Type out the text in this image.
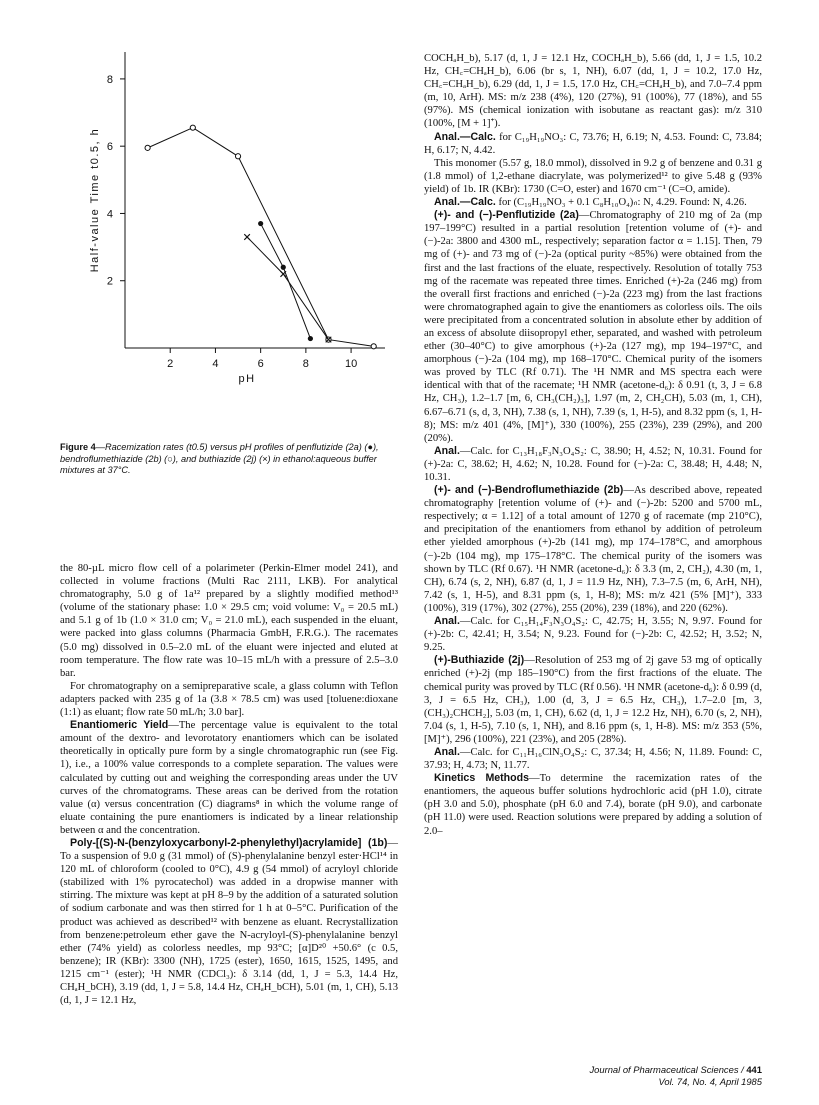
2
4
6
8
2	4	6	8	10
pH
Half-value Time t0.5, h
Figure 4—Racemization rates (t0.5) versus pH profiles of penflutizide (2a) (●), bendroflumethiazide (2b) (○), and buthiazide (2j) (×) in ethanol:aqueous buffer mixtures at 37°C.

the 80-µL micro flow cell of a polarimeter (Perkin-Elmer model 241), and collected in volume fractions (Multi Rac 2111, LKB). For analytical chromatography, 5.0 g of 1a¹² prepared by a slightly modified method¹³ (volume of the stationary phase: 1.0 × 29.5 cm; void volume: V₀ = 20.5 mL) and 5.1 g of 1b (1.0 × 31.0 cm; V₀ = 21.0 mL), each suspended in the eluant, were packed into glass columns (Pharmacia GmbH, F.R.G.). The racemates (5.0 mg) dissolved in 0.5–2.0 mL of the eluant were injected and eluted at room temperature. The flow rate was 10–15 mL/h with a pressure of 2.5–3.0 bar.

For chromatography on a semipreparative scale, a glass column with Teflon adapters packed with 235 g of 1a (3.8 × 78.5 cm) was used [toluene:dioxane (1:1) as eluant; flow rate 50 mL/h; 3.0 bar].

Enantiomeric Yield—The percentage value is equivalent to the total amount of the dextro- and levorotatory enantiomers which can be isolated theoretically in optically pure form by a single chromatographic run (see Fig. 1), i.e., a 100% value corresponds to a complete separation. The values were calculated by cutting out and weighing the corresponding areas under the UV curves of the chromatograms. These areas can be derived from the rotation value (α) versus concentration (C) diagrams⁸ in which the volume range of eluate containing the pure enantiomers is indicated by a linear relationship between α and the concentration.

Poly-[(S)-N-(benzyloxycarbonyl-2-phenylethyl)acrylamide] (1b)—To a suspension of 9.0 g (31 mmol) of (S)-phenylalanine benzyl ester·HCl¹⁴ in 120 mL of chloroform (cooled to 0°C), 4.9 g (54 mmol) of acryloyl chloride (stabilized with 1% pyrocatechol) was added in a dropwise manner with stirring. The mixture was kept at pH 8–9 by the addition of a saturated solution of sodium carbonate and was then stirred for 1 h at 0–5°C. Purification of the product was achieved as described¹² with benzene as eluant. Recrystallization from benzene:petroleum ether gave the N-acryloyl-(S)-phenylalanine benzyl ether (74% yield) as colorless needles, mp 93°C; [α]D²⁰ +50.6° (c 0.5, benzene); IR (KBr): 3300 (NH), 1725 (ester), 1650, 1615, 1525, 1495, and 1215 cm⁻¹ (ester); ¹H NMR (CDCl₃): δ 3.14 (dd, 1, J = 5.3, 14.4 Hz, CHₐH_bCH), 3.19 (dd, 1, J = 5.8, 14.4 Hz, CHₐH_bCH), 5.01 (m, 1, CH), 5.13 (d, 1, J = 12.1 Hz,

COCHₐH_b), 5.17 (d, 1, J = 12.1 Hz, COCHₐH_b), 5.66 (dd, 1, J = 1.5, 10.2 Hz, CH꜀=CHₐH_b), 6.06 (br s, 1, NH), 6.07 (dd, 1, J = 10.2, 17.0 Hz, CH꜀=CHₐH_b), 6.29 (dd, 1, J = 1.5, 17.0 Hz, CH꜀=CHₐH_b), and 7.0–7.4 ppm (m, 10, ArH). MS: m/z 238 (4%), 120 (27%), 91 (100%), 77 (18%), and 55 (97%). MS (chemical ionization with isobutane as reactant gas): m/z 310 (100%, [M + 1]⁺).

Anal.—Calc. for C₁₉H₁₉NO₃: C, 73.76; H, 6.19; N, 4.53. Found: C, 73.84; H, 6.17; N, 4.42.

This monomer (5.57 g, 18.0 mmol), dissolved in 9.2 g of benzene and 0.31 g (1.8 mmol) of 1,2-ethane diacrylate, was polymerized¹² to give 5.48 g (93% yield) of 1b. IR (KBr): 1730 (C=O, ester) and 1670 cm⁻¹ (C=O, amide).

Anal.—Calc. for (C₁₉H₁₉NO₃ + 0.1 C₈H₁₀O₄)ₙ: N, 4.29. Found: N, 4.26.

(+)- and (−)-Penflutizide (2a)—Chromatography of 210 mg of 2a (mp 197–199°C) resulted in a partial resolution [retention volume of (+)- and (−)-2a: 3800 and 4300 mL, respectively; separation factor α = 1.15]. Then, 79 mg of (+)- and 73 mg of (−)-2a (optical purity ~85%) were obtained from the first and the last fractions of the eluate, respectively. Resolution of totally 753 mg of the racemate was repeated three times. Enriched (+)-2a (246 mg) from the overall first fractions and enriched (−)-2a (223 mg) from the last fractions were chromatographed again to give the enantiomers as colorless oils. The oils were precipitated from a concentrated solution in absolute ether by addition of an excess of absolute diisopropyl ether, separated, and washed with petroleum ether (30–40°C) to give amorphous (+)-2a (127 mg), mp 194–197°C, and amorphous (−)-2a (104 mg), mp 168–170°C. Chemical purity of the isomers was proved by TLC (Rf 0.71). The ¹H NMR and MS spectra each were identical with that of the racemate; ¹H NMR (acetone-d₆): δ 0.91 (t, 3, J = 6.8 Hz, CH₃), 1.2–1.7 [m, 6, CH₃(CH₂)₃], 1.97 (m, 2, CH₂CH), 5.03 (m, 1, CH), 6.67–6.71 (s, d, 3, NH), 7.38 (s, 1, NH), 7.39 (s, 1, H-5), and 8.32 ppm (s, 1, H-8); MS: m/z 401 (4%, [M]⁺), 330 (100%), 255 (23%), 239 (29%), and 200 (20%).

Anal.—Calc. for C₁₃H₁₈F₃N₃O₄S₂: C, 38.90; H, 4.52; N, 10.31. Found for (+)-2a: C, 38.62; H, 4.62; N, 10.28. Found for (−)-2a: C, 38.48; H, 4.48; N, 10.31.

(+)- and (−)-Bendroflumethiazide (2b)—As described above, repeated chromatography [retention volume of (+)- and (−)-2b: 5200 and 5700 mL, respectively; α = 1.12] of a total amount of 1270 g of racemate (mp 210°C), and precipitation of the enantiomers from ethanol by addition of petroleum ether yielded amorphous (+)-2b (141 mg), mp 174–178°C, and amorphous (−)-2b (104 mg), mp 175–178°C. The chemical purity of the isomers was shown by TLC (Rf 0.67). ¹H NMR (acetone-d₆): δ 3.3 (m, 2, CH₂), 4.30 (m, 1, CH), 6.74 (s, 2, NH), 6.87 (d, 1, J = 11.9 Hz, NH), 7.3–7.5 (m, 6, ArH, NH), 7.42 (s, 1, H-5), and 8.31 ppm (s, 1, H-8); MS: m/z 421 (5% [M]⁺), 333 (100%), 319 (17%), 302 (27%), 255 (20%), 239 (18%), and 220 (62%).

Anal.—Calc. for C₁₅H₁₄F₃N₃O₄S₂: C, 42.75; H, 3.55; N, 9.97. Found for (+)-2b: C, 42.41; H, 3.54; N, 9.23. Found for (−)-2b: C, 42.52; H, 3.52; N, 9.25.

(+)-Buthiazide (2j)—Resolution of 253 mg of 2j gave 53 mg of optically enriched (+)-2j (mp 185–190°C) from the first fractions of the eluate. The chemical purity was proved by TLC (Rf 0.56). ¹H NMR (acetone-d₆): δ 0.99 (d, 3, J = 6.5 Hz, CH₃), 1.00 (d, 3, J = 6.5 Hz, CH₃), 1.7–2.0 [m, 3, (CH₃)₂CHCH₂], 5.03 (m, 1, CH), 6.62 (d, 1, J = 12.2 Hz, NH), 6.70 (s, 2, NH), 7.04 (s, 1, H-5), 7.10 (s, 1, NH), and 8.16 ppm (s, 1, H-8). MS: m/z 353 (5%, [M]⁺), 296 (100%), 221 (23%), and 205 (28%).

Anal.—Calc. for C₁₁H₁₆ClN₃O₄S₂: C, 37.34; H, 4.56; N, 11.89. Found: C, 37.93; H, 4.73; N, 11.77.

Kinetics Methods—To determine the racemization rates of the enantiomers, the aqueous buffer solutions hydrochloric acid (pH 1.0), citrate (pH 3.0 and 5.0), phosphate (pH 6.0 and 7.4), borate (pH 9.0), and carbonate (pH 11.0) were used. Reaction solutions were prepared by adding a solution of 2.0–

Journal of Pharmaceutical Sciences / 441
Vol. 74, No. 4, April 1985
